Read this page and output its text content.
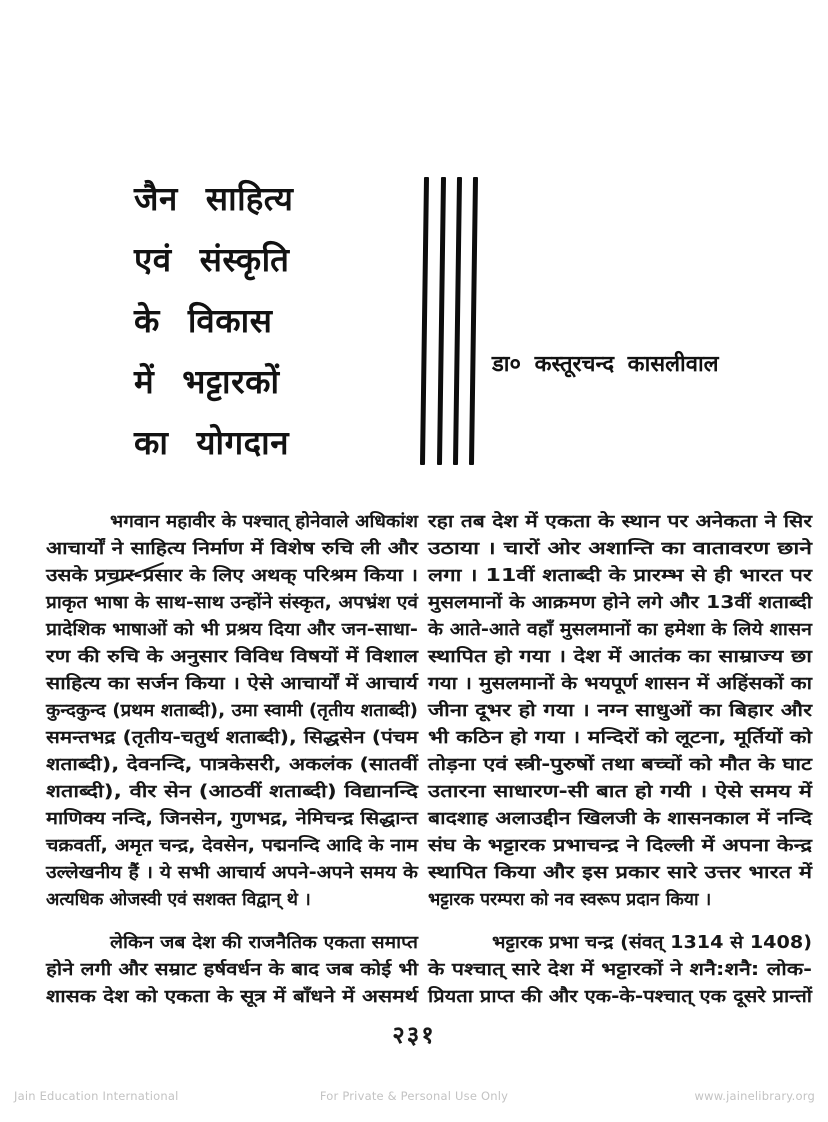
जैन साहित्य
एवं संस्कृति
के विकास
में भट्टारकों
का योगदान
डा० कस्तूरचन्द कासलीवाल
भगवान महावीर के पश्चात् होनेवाले अधिकांश
आचार्यों ने साहित्य निर्माण में विशेष रुचि ली और
उसके प्रचार-प्रसार के लिए अथक् परिश्रम किया ।
प्राकृत भाषा के साथ-साथ उन्होंने संस्कृत, अपभ्रंश एवं
प्रादेशिक भाषाओं को भी प्रश्रय दिया और जन-साधा-
रण की रुचि के अनुसार विविध विषयों में विशाल
साहित्य का सर्जन किया । ऐसे आचार्यों में आचार्य
कुन्दकुन्द (प्रथम शताब्दी), उमा स्वामी (तृतीय शताब्दी)
समन्तभद्र (तृतीय-चतुर्थ शताब्दी), सिद्धसेन (पंचम
शताब्दी), देवनन्दि, पात्रकेसरी, अकलंक (सातवीं
शताब्दी), वीर सेन (आठवीं शताब्दी) विद्यानन्दि
माणिक्य नन्दि, जिनसेन, गुणभद्र, नेमिचन्द्र सिद्धान्त
चक्रवर्ती, अमृत चन्द्र, देवसेन, पद्मनन्दि आदि के नाम
उल्लेखनीय हैं । ये सभी आचार्य अपने-अपने समय के
अत्यधिक ओजस्वी एवं सशक्त विद्वान् थे ।
लेकिन जब देश की राजनैतिक एकता समाप्त
होने लगी और सम्राट हर्षवर्धन के बाद जब कोई भी
शासक देश को एकता के सूत्र में बाँधने में असमर्थ
रहा तब देश में एकता के स्थान पर अनेकता ने सिर
उठाया । चारों ओर अशान्ति का वातावरण छाने
लगा । 11वीं शताब्दी के प्रारम्भ से ही भारत पर
मुसलमानों के आक्रमण होने लगे और 13वीं शताब्दी
के आते-आते वहाँ मुसलमानों का हमेशा के लिये शासन
स्थापित हो गया । देश में आतंक का साम्राज्य छा
गया । मुसलमानों के भयपूर्ण शासन में अहिंसकों का
जीना दूभर हो गया । नग्न साधुओं का बिहार और
भी कठिन हो गया । मन्दिरों को लूटना, मूर्तियों को
तोड़ना एवं स्त्री-पुरुषों तथा बच्चों को मौत के घाट
उतारना साधारण-सी बात हो गयी । ऐसे समय में
बादशाह अलाउद्दीन खिलजी के शासनकाल में नन्दि
संघ के भट्टारक प्रभाचन्द्र ने दिल्ली में अपना केन्द्र
स्थापित किया और इस प्रकार सारे उत्तर भारत में
भट्टारक परम्परा को नव स्वरूप प्रदान किया ।
भट्टारक प्रभा चन्द्र (संवत् 1314 से 1408)
के पश्चात् सारे देश में भट्टारकों ने शनै:शनै: लोक-
प्रियता प्राप्त की और एक-के-पश्चात् एक दूसरे प्रान्तों
२३१
Jain Education International	For Private & Personal Use Only	www.jainelibrary.org
